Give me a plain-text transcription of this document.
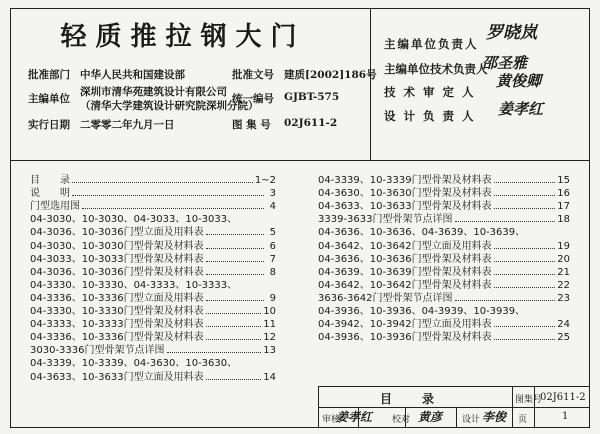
轻质推拉钢大门
批准部门 中华人民共和国建设部	批准文号 建质[2002]186号
主编单位
深圳市清华苑建筑设计有限公司
（清华大学建筑设计研究院深圳分院）
统一编号 GJBT-575
实行日期 二零零二年九月一日	图 集 号 02J611-2
主编单位负责人
罗晓岚
主编单位技术负责人
邵圣雅
技 术 审 定 人
黄俊卿
设 计 负 责 人 姜孝红
目　　录	1~2
说　　明	3
门型选用图	4
04-3030、10-3030、04-3033、10-3033、
04-3036、10-3036门型立面及用料表	5
04-3030、10-3030门型骨架及材料表	6
04-3033、10-3033门型骨架及材料表	7
04-3036、10-3036门型骨架及材料表	8
04-3330、10-3330、04-3333、10-3333、
04-3336、10-3336门型立面及用料表	9
04-3330、10-3330门型骨架及材料表	10
04-3333、10-3333门型骨架及材料表	11
04-3336、10-3336门型骨架及材料表	12
3030-3336门型骨架节点详图	13
04-3339、10-3339、04-3630、10-3630、
04-3633、10-3633门型立面及用料表	14
04-3339、10-3339门型骨架及材料表	15
04-3630、10-3630门型骨架及材料表	16
04-3633、10-3633门型骨架及材料表	17
3339-3633门型骨架节点详图	18
04-3636、10-3636、04-3639、10-3639、
04-3642、10-3642门型立面及用料表	19
04-3636、10-3636门型骨架及材料表	20
04-3639、10-3639门型骨架及材料表	21
04-3642、10-3642门型骨架及材料表	22
3636-3642门型骨架节点详图	23
04-3936、10-3936、04-3939、10-3939、
04-3942、10-3942门型立面及用料表	24
04-3936、10-3936门型骨架及材料表	25
目　　录	图集号
02J611-2
审核
姜孝红 校对 黄彦 设计 李俊 页	1
